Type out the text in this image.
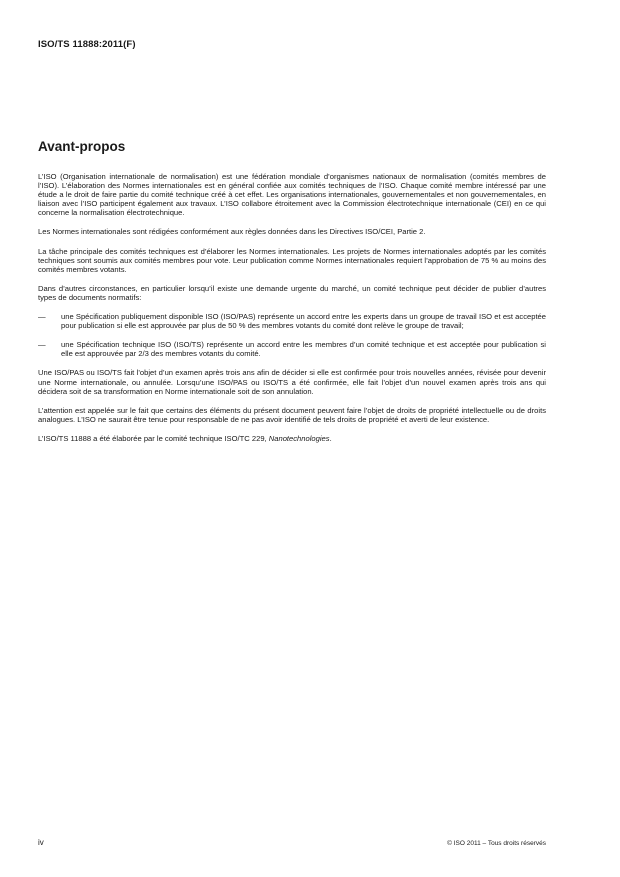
ISO/TS 11888:2011(F)
Avant-propos

L’ISO (Organisation internationale de normalisation) est une fédération mondiale d’organismes nationaux de normalisation (comités membres de l’ISO). L’élaboration des Normes internationales est en général confiée aux comités techniques de l’ISO. Chaque comité membre intéressé par une étude a le droit de faire partie du comité technique créé à cet effet. Les organisations internationales, gouvernementales et non gouvernementales, en liaison avec l’ISO participent également aux travaux. L’ISO collabore étroitement avec la Commission électrotechnique internationale (CEI) en ce qui concerne la normalisation électrotechnique.

Les Normes internationales sont rédigées conformément aux règles données dans les Directives ISO/CEI, Partie 2.

La tâche principale des comités techniques est d’élaborer les Normes internationales. Les projets de Normes internationales adoptés par les comités techniques sont soumis aux comités membres pour vote. Leur publication comme Normes internationales requiert l’approbation de 75 % au moins des comités membres votants.

Dans d’autres circonstances, en particulier lorsqu’il existe une demande urgente du marché, un comité technique peut décider de publier d’autres types de documents normatifs:

—	une Spécification publiquement disponible ISO (ISO/PAS) représente un accord entre les experts dans un groupe de travail ISO et est acceptée pour publication si elle est approuvée par plus de 50 % des membres votants du comité dont relève le groupe de travail;
—	une Spécification technique ISO (ISO/TS) représente un accord entre les membres d’un comité technique et est acceptée pour publication si elle est approuvée par 2/3 des membres votants du comité.

Une ISO/PAS ou ISO/TS fait l’objet d’un examen après trois ans afin de décider si elle est confirmée pour trois nouvelles années, révisée pour devenir une Norme internationale, ou annulée. Lorsqu’une ISO/PAS ou ISO/TS a été confirmée, elle fait l’objet d’un nouvel examen après trois ans qui décidera soit de sa transformation en Norme internationale soit de son annulation.

L’attention est appelée sur le fait que certains des éléments du présent document peuvent faire l’objet de droits de propriété intellectuelle ou de droits analogues. L’ISO ne saurait être tenue pour responsable de ne pas avoir identifié de tels droits de propriété et averti de leur existence.

L’ISO/TS 11888 a été élaborée par le comité technique ISO/TC 229, Nanotechnologies.

iv	© ISO 2011 – Tous droits réservés
